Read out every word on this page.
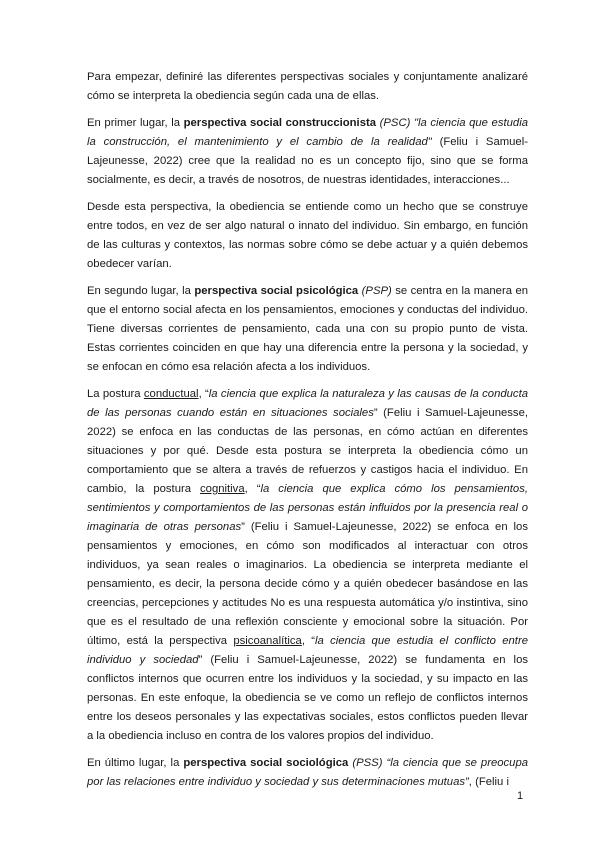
Para empezar, definiré las diferentes perspectivas sociales y conjuntamente analizaré cómo se interpreta la obediencia según cada una de ellas.

En primer lugar, la perspectiva social construccionista (PSC) "la ciencia que estudia la construcción, el mantenimiento y el cambio de la realidad" (Feliu i Samuel-Lajeunesse, 2022) cree que la realidad no es un concepto fijo, sino que se forma socialmente, es decir, a través de nosotros, de nuestras identidades, interacciones...

Desde esta perspectiva, la obediencia se entiende como un hecho que se construye entre todos, en vez de ser algo natural o innato del individuo. Sin embargo, en función de las culturas y contextos, las normas sobre cómo se debe actuar y a quién debemos obedecer varían.

En segundo lugar, la perspectiva social psicológica (PSP) se centra en la manera en que el entorno social afecta en los pensamientos, emociones y conductas del individuo. Tiene diversas corrientes de pensamiento, cada una con su propio punto de vista. Estas corrientes coinciden en que hay una diferencia entre la persona y la sociedad, y se enfocan en cómo esa relación afecta a los individuos.

La postura conductual, “la ciencia que explica la naturaleza y las causas de la conducta de las personas cuando están en situaciones sociales” (Feliu i Samuel-Lajeunesse, 2022) se enfoca en las conductas de las personas, en cómo actúan en diferentes situaciones y por qué. Desde esta postura se interpreta la obediencia cómo un comportamiento que se altera a través de refuerzos y castigos hacia el individuo. En cambio, la postura cognitiva, “la ciencia que explica cómo los pensamientos, sentimientos y comportamientos de las personas están influidos por la presencia real o imaginaria de otras personas” (Feliu i Samuel-Lajeunesse, 2022) se enfoca en los pensamientos y emociones, en cómo son modificados al interactuar con otros individuos, ya sean reales o imaginarios. La obediencia se interpreta mediante el pensamiento, es decir, la persona decide cómo y a quién obedecer basándose en las creencias, percepciones y actitudes No es una respuesta automática y/o instintiva, sino que es el resultado de una reflexión consciente y emocional sobre la situación. Por último, está la perspectiva psicoanalítica, “la ciencia que estudia el conflicto entre individuo y sociedad” (Feliu i Samuel-Lajeunesse, 2022) se fundamenta en los conflictos internos que ocurren entre los individuos y la sociedad, y su impacto en las personas. En este enfoque, la obediencia se ve como un reflejo de conflictos internos entre los deseos personales y las expectativas sociales, estos conflictos pueden llevar a la obediencia incluso en contra de los valores propios del individuo.

En último lugar, la perspectiva social sociológica (PSS) “la ciencia que se preocupa por las relaciones entre individuo y sociedad y sus determinaciones mutuas”, (Feliu i

1
